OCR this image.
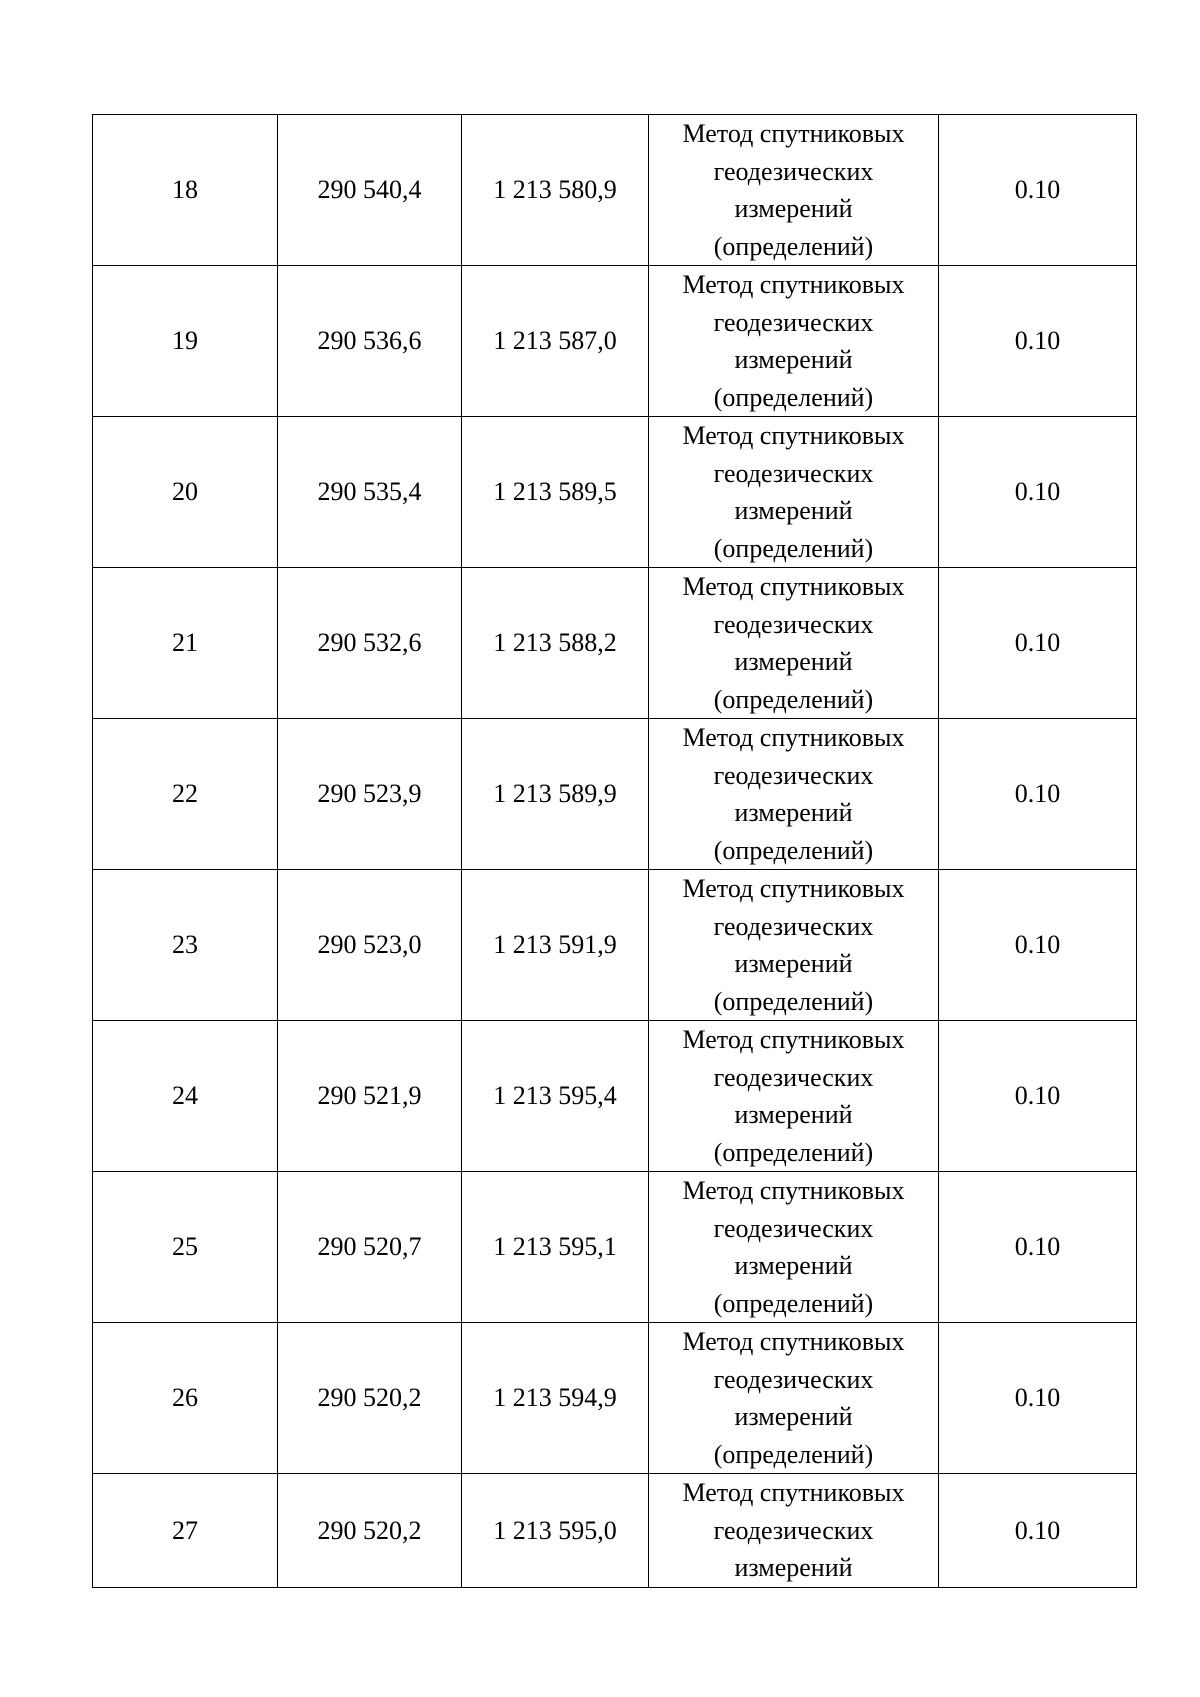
18	290 540,4	1 213 580,9	Метод спутниковых
геодезических
измерений
(определений)	0.10
19	290 536,6	1 213 587,0	Метод спутниковых
геодезических
измерений
(определений)	0.10
20	290 535,4	1 213 589,5	Метод спутниковых
геодезических
измерений
(определений)	0.10
21	290 532,6	1 213 588,2	Метод спутниковых
геодезических
измерений
(определений)	0.10
22	290 523,9	1 213 589,9	Метод спутниковых
геодезических
измерений
(определений)	0.10
23	290 523,0	1 213 591,9	Метод спутниковых
геодезических
измерений
(определений)	0.10
24	290 521,9	1 213 595,4	Метод спутниковых
геодезических
измерений
(определений)	0.10
25	290 520,7	1 213 595,1	Метод спутниковых
геодезических
измерений
(определений)	0.10
26	290 520,2	1 213 594,9	Метод спутниковых
геодезических
измерений
(определений)	0.10
27	290 520,2	1 213 595,0	Метод спутниковых
геодезических
измерений	0.10
